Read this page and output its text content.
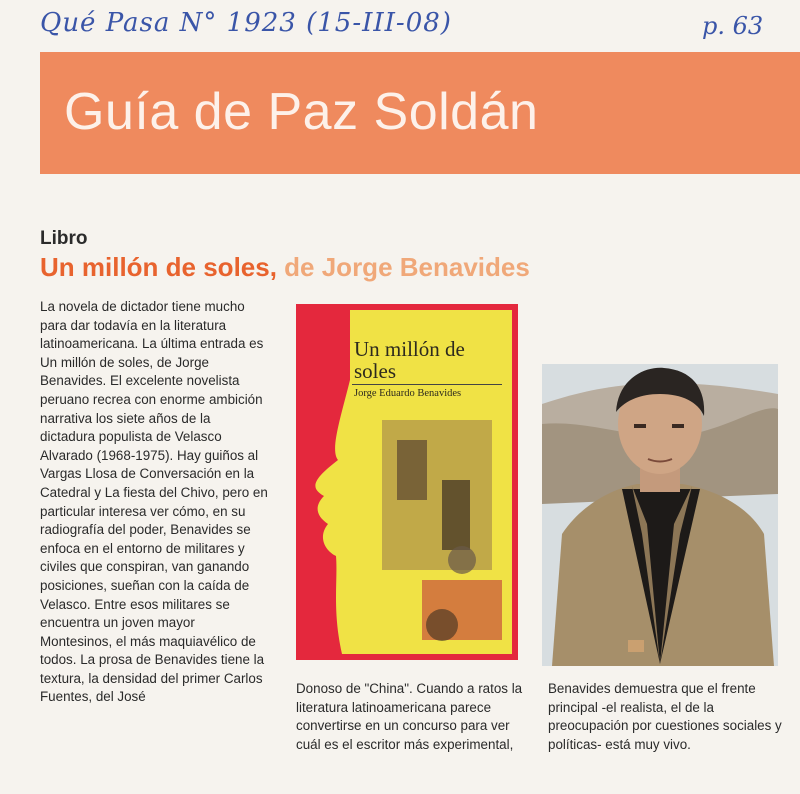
Qué Pasa N° 1923 (15-III-08)	p. 63
Guía de Paz Soldán
Libro
Un millón de soles, de Jorge Benavides
La novela de dictador tiene mucho para dar todavía en la literatura latinoamericana. La última entrada es Un millón de soles, de Jorge Benavides. El excelente novelista peruano recrea con enorme ambición narrativa los siete años de la dictadura populista de Velasco Alvarado (1968-1975). Hay guiños al Vargas Llosa de Conversación en la Catedral y La fiesta del Chivo, pero en particular interesa ver cómo, en su radiografía del poder, Benavides se enfoca en el entorno de militares y civiles que conspiran, van ganando posiciones, sueñan con la caída de Velasco. Entre esos militares se encuentra un joven mayor Montesinos, el más maquiavélico de todos. La prosa de Benavides tiene la textura, la densidad del primer Carlos Fuentes, del José
Un millón de soles
Jorge Eduardo Benavides
Donoso de "China". Cuando a ratos la literatura latinoamericana parece convertirse en un concurso para ver cuál es el escritor más experimental,
Benavides demuestra que el frente principal -el realista, el de la preocupación por cuestiones sociales y políticas- está muy vivo.
